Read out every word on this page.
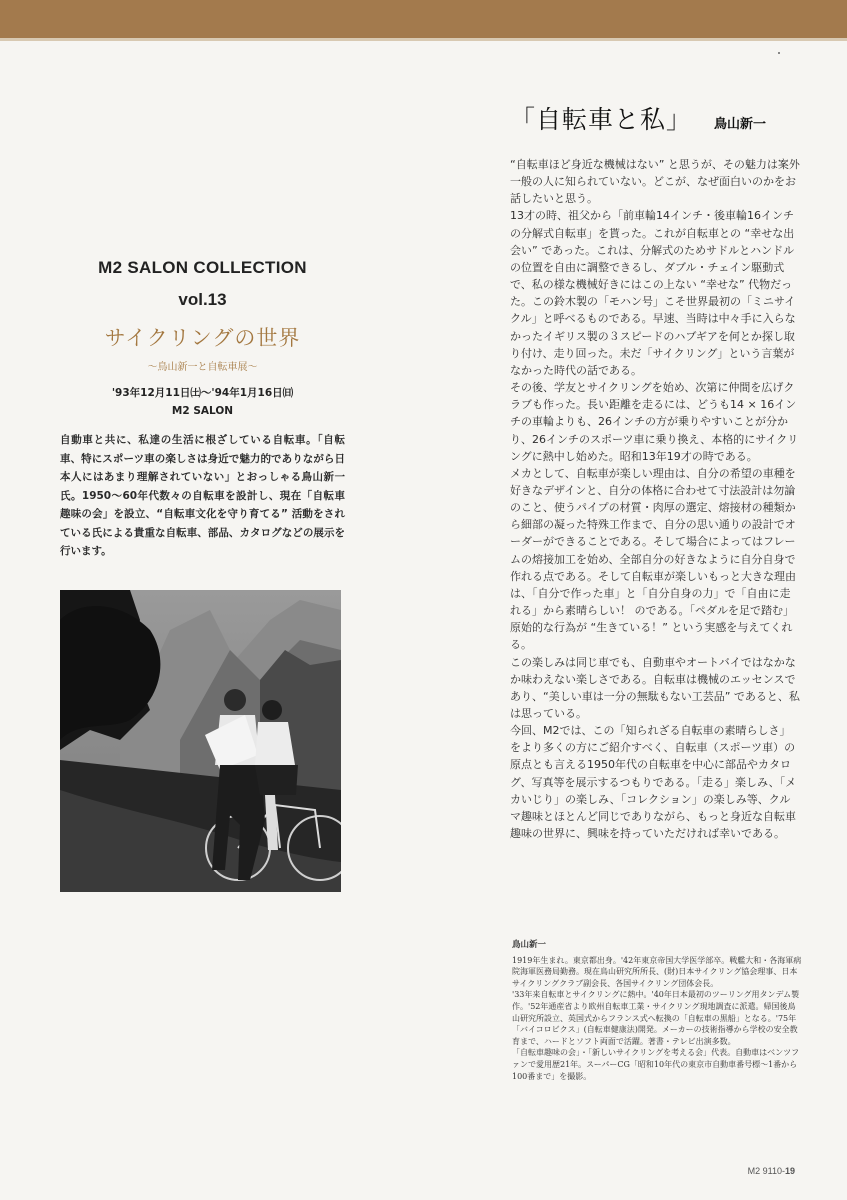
M2 SALON COLLECTION
vol.13
サイクリングの世界
〜鳥山新一と自転車展〜
'93年12月11日㈯〜'94年1月16日㈰
M2 SALON
自動車と共に、私達の生活に根ざしている自転車。「自転車、特にスポーツ車の楽しさは身近で魅力的でありながら日本人にはあまり理解されていない」とおっしゃる鳥山新一氏。1950〜60年代数々の自転車を設計し、現在「自転車趣味の会」を設立、“自転車文化を守り育てる” 活動をされている氏による貴重な自転車、部品、カタログなどの展示を行います。
「自転車と私」 鳥山新一

“自転車ほど身近な機械はない” と思うが、その魅力は案外一般の人に知られていない。どこが、なぜ面白いのかをお話したいと思う。

13才の時、祖父から「前車輪14インチ・後車輪16インチの分解式自転車」を貰った。これが自転車との “幸せな出会い” であった。これは、分解式のためサドルとハンドルの位置を自由に調整できるし、ダブル・チェイン駆動式で、私の様な機械好きにはこの上ない “幸せな” 代物だった。この鈴木製の「モハン号」こそ世界最初の「ミニサイクル」と呼べるものである。早速、当時は中々手に入らなかったイギリス製の３スピードのハブギアを何とか探し取り付け、走り回った。未だ「サイクリング」という言葉がなかった時代の話である。

その後、学友とサイクリングを始め、次第に仲間を広げクラブも作った。長い距離を走るには、どうも14 × 16インチの車輪よりも、26インチの方が乗りやすいことが分かり、26インチのスポーツ車に乗り換え、本格的にサイクリングに熱中し始めた。昭和13年19才の時である。

メカとして、自転車が楽しい理由は、自分の希望の車種を好きなデザインと、自分の体格に合わせて寸法設計は勿論のこと、使うパイプの材質・肉厚の選定、熔接材の種類から細部の凝った特殊工作まで、自分の思い通りの設計でオーダーができることである。そして場合によってはフレームの熔接加工を始め、全部自分の好きなように自分自身で作れる点である。そして自転車が楽しいもっと大きな理由は、「自分で作った車」と「自分自身の力」で「自由に走れる」から素晴らしい！ のである。「ペダルを足で踏む」原始的な行為が “生きている！” という実感を与えてくれる。

この楽しみは同じ車でも、自動車やオートバイではなかなか味わえない楽しさである。自転車は機械のエッセンスであり、“美しい車は一分の無駄もない工芸品” であると、私は思っている。

今回、M2では、この「知られざる自転車の素晴らしさ」をより多くの方にご紹介すべく、自転車（スポーツ車）の原点とも言える1950年代の自転車を中心に部品やカタログ、写真等を展示するつもりである。「走る」楽しみ、「メカいじり」の楽しみ、「コレクション」の楽しみ等、クルマ趣味とほとんど同じでありながら、もっと身近な自転車趣味の世界に、興味を持っていただければ幸いである。

鳥山新一

1919年生まれ。東京都出身。'42年東京帝国大学医学部卒。戦艦大和・各海軍病院海軍医務局勤務。現在鳥山研究所所長、(財)日本サイクリング協会理事、日本サイクリングクラブ副会長、各国サイクリング団体会長。

'33年来自転車とサイクリングに熱中。'40年日本最初のツーリング用タンデム製作。'52年通産省より欧州自転車工業・サイクリング現地調査に派遣。帰国後鳥山研究所設立、英国式からフランス式へ転換の「自転車の黒船」となる。'75年「バイコロビクス」(自転車健康法)開発。メーカーの技術指導から学校の安全教育まで、ハードとソフト両面で活躍。著書・テレビ出演多数。

「自転車趣味の会」・「新しいサイクリングを考える会」代表。自動車はベンツファンで愛用歴21年。スーパーCG「昭和10年代の東京市自動車番号標〜1番から100番まで」を撮影。

M2 9110-19
